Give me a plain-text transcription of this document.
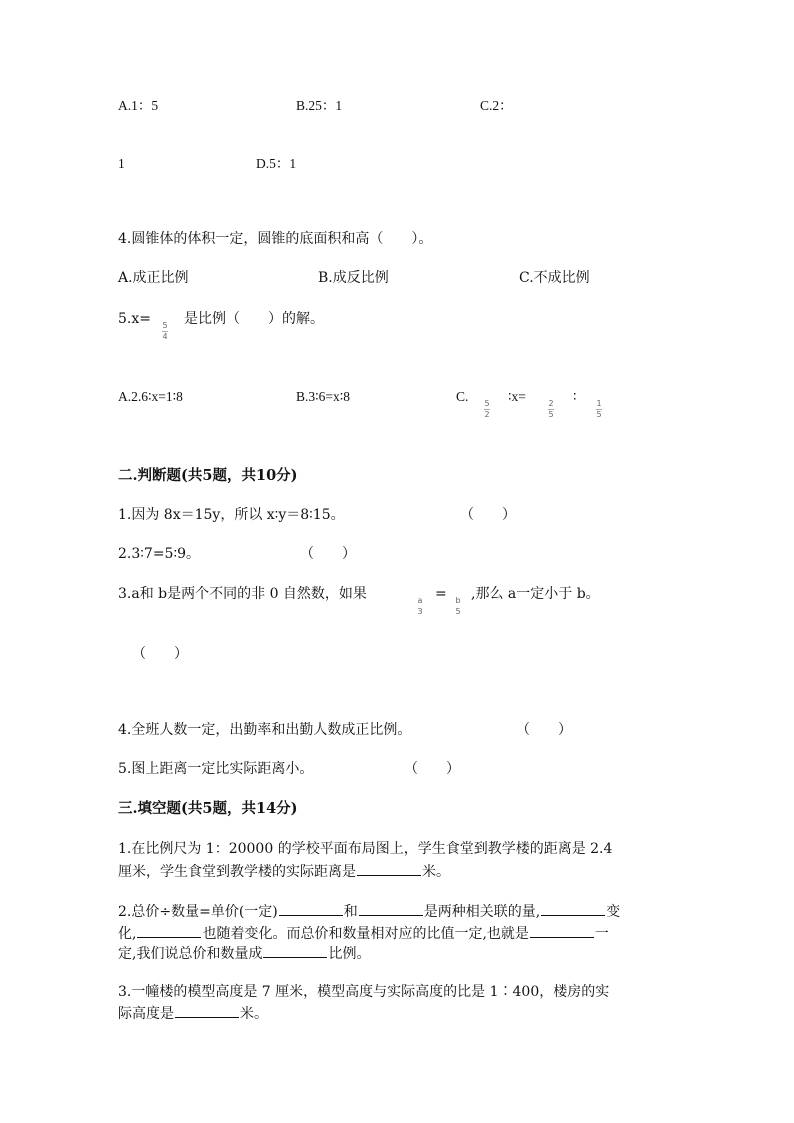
A.1：5	B.25：1	C.2：
1	D.5：1
4.圆锥体的体积一定，圆锥的底面积和高（　　）。
A.成正比例	B.成反比例	C.不成比例
5.x= 5
4
是比例（　　）的解。
A.2.6∶x=1∶8	B.3∶6=x∶8	C. 5
2
∶x=	2
5
∶ 1
5
二.判断题(共5题，共10分)
1.因为 8x＝15y，所以 x∶y＝8∶15。	（　　）
2.3∶7=5∶9。	（　　）
3.a和 b是两个不同的非 0 自然数，如果	a
3
= b
5
,那么 a一定小于 b。
（　　）
4.全班人数一定，出勤率和出勤人数成正比例。	（　　）
5.图上距离一定比实际距离小。	（　　）
三.填空题(共5题，共14分)
1.在比例尺为 1：20000 的学校平面布局图上，学生食堂到教学楼的距离是 2.4
厘米，学生食堂到教学楼的实际距离是	米。
2.总价÷数量=单价(一定)	和	是两种相关联的量,	变
化,	也随着变化。而总价和数量相对应的比值一定,也就是	一
定,我们说总价和数量成	比例。
3.一幢楼的模型高度是 7 厘米，模型高度与实际高度的比是 1∶400，楼房的实
际高度是	米。
